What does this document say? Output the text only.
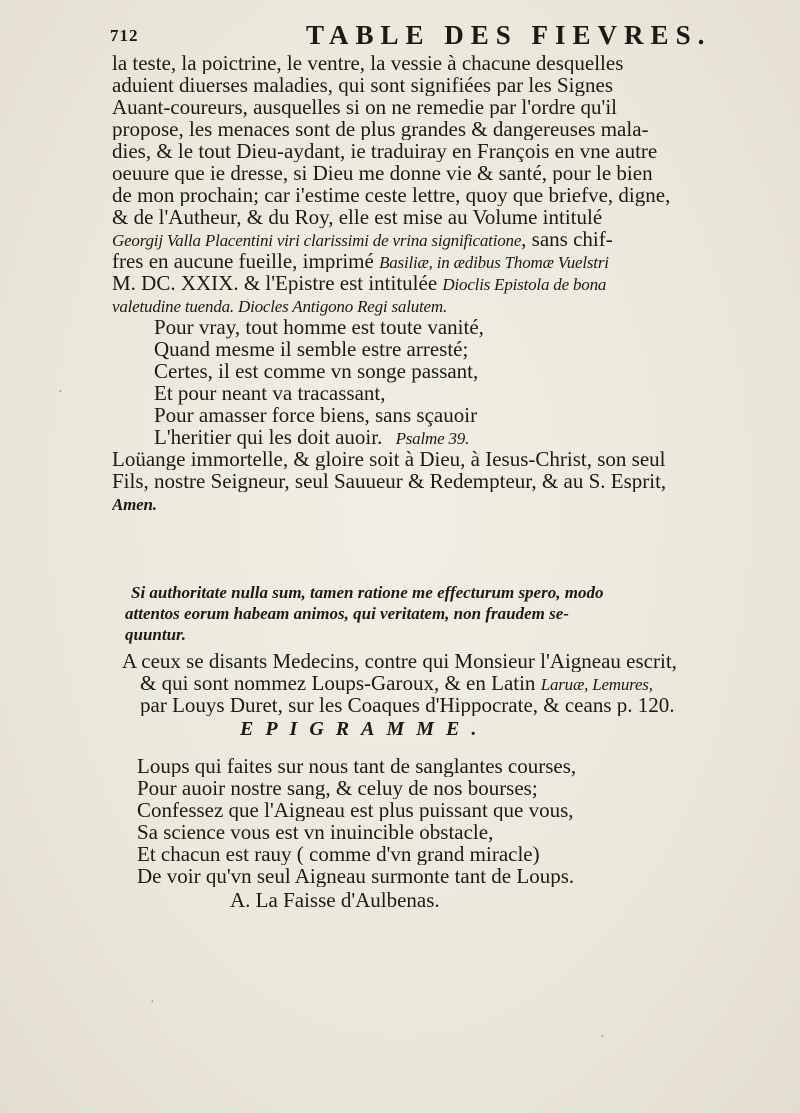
712	TABLE DES FIEVRES.
la teste, la poictrine, le ventre, la vessie à chacune desquelles
aduient diuerses maladies, qui sont signifiées par les Signes
Auant-coureurs, ausquelles si on ne remedie par l'ordre qu'il
propose, les menaces sont de plus grandes & dangereuses mala-
dies, & le tout Dieu-aydant, ie traduiray en François en vne autre
oeuure que ie dresse, si Dieu me donne vie & santé, pour le bien
de mon prochain; car i'estime ceste lettre, quoy que briefve, digne,
& de l'Autheur, & du Roy, elle est mise au Volume intitulé
Georgij Valla Placentini viri clarissimi de vrina significatione, sans chif-
fres en aucune fueille, imprimé Basiliæ, in ædibus Thomæ Vuelstri
M. DC. XXIX. & l'Epistre est intitulée Dioclis Epistola de bona
valetudine tuenda. Diocles Antigono Regi salutem.
Pour vray, tout homme est toute vanité,
Quand mesme il semble estre arresté;
Certes, il est comme vn songe passant,
Et pour neant va tracassant,
Pour amasser force biens, sans sçauoir
L'heritier qui les doit auoir. Psalme 39.
Loüange immortelle, & gloire soit à Dieu, à Iesus-Christ, son seul
Fils, nostre Seigneur, seul Sauueur & Redempteur, & au S. Esprit,
Amen.
Si authoritate nulla sum, tamen ratione me effecturum spero, modo
attentos eorum habeam animos, qui veritatem, non fraudem se-
quuntur.
A ceux se disants Medecins, contre qui Monsieur l'Aigneau escrit,
& qui sont nommez Loups-Garoux, & en Latin Laruæ, Lemures,
par Louys Duret, sur les Coaques d'Hippocrate, & ceans p. 120.
EPIGRAMME.
Loups qui faites sur nous tant de sanglantes courses,
Pour auoir nostre sang, & celuy de nos bourses;
Confessez que l'Aigneau est plus puissant que vous,
Sa science vous est vn inuincible obstacle,
Et chacun est rauy ( comme d'vn grand miracle)
De voir qu'vn seul Aigneau surmonte tant de Loups.
A. La Faisse d'Aulbenas.
·
·
·
